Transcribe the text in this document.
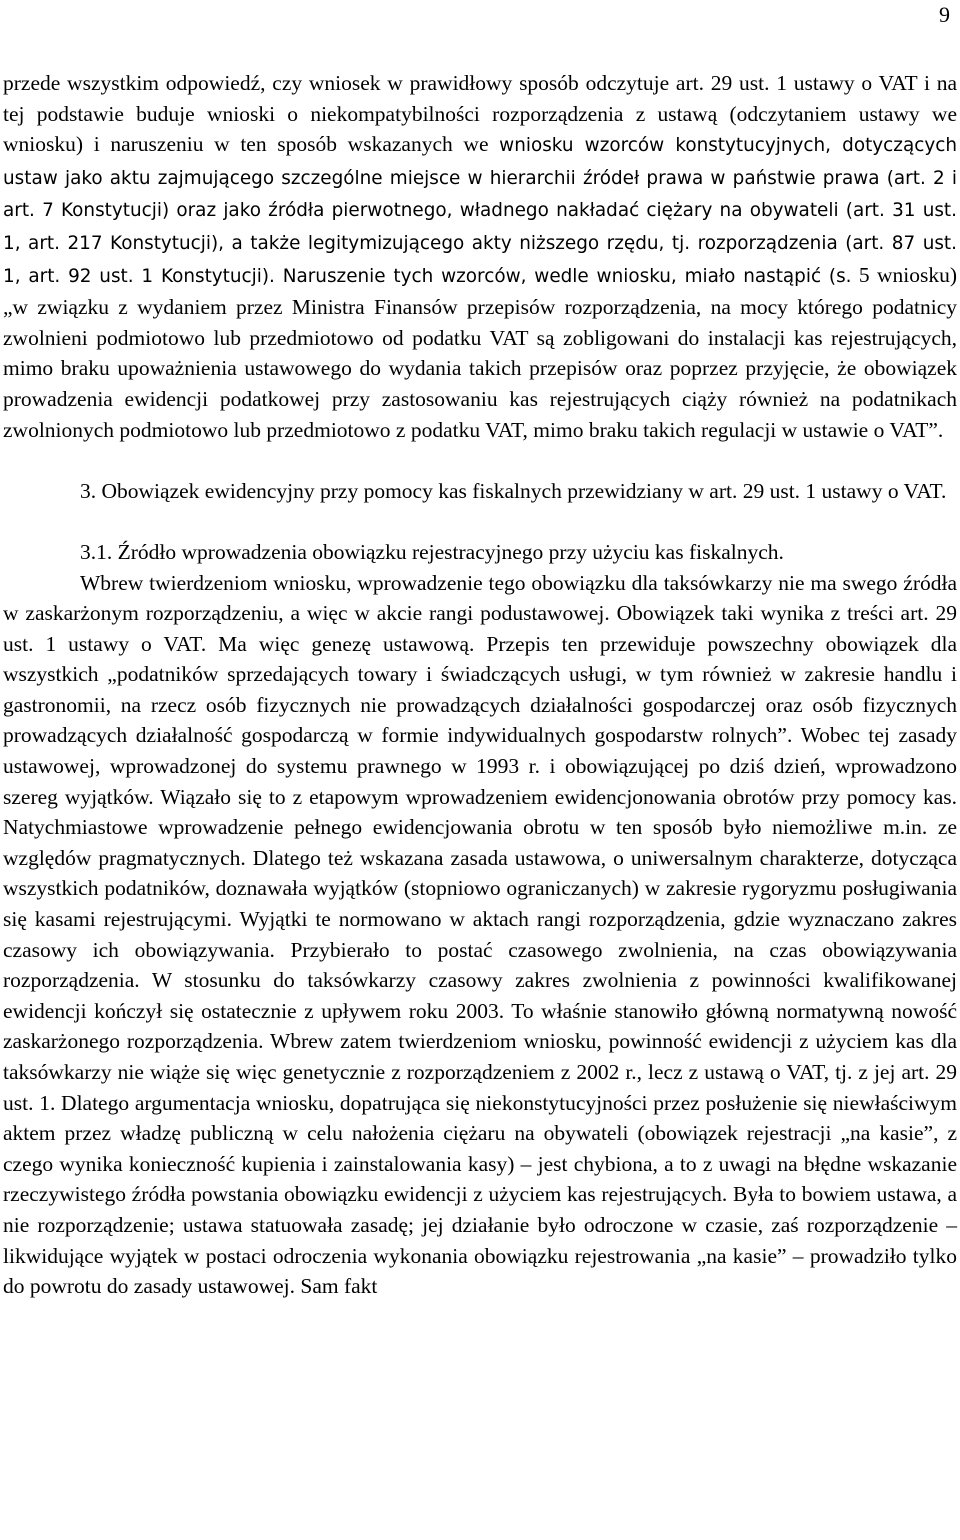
9

przede wszystkim odpowiedź, czy wniosek w prawidłowy sposób odczytuje art. 29 ust. 1 ustawy o VAT i na tej podstawie buduje wnioski o niekompatybilności rozporządzenia z ustawą (odczytaniem ustawy we wniosku) i naruszeniu w ten sposób wskazanych we wniosku wzorców konstytucyjnych, dotyczących ustaw jako aktu zajmującego szczególne miejsce w hierarchii źródeł prawa w państwie prawa (art. 2 i art. 7 Konstytucji) oraz jako źródła pierwotnego, władnego nakładać ciężary na obywateli (art. 31 ust. 1, art. 217 Konstytucji), a także legitymizującego akty niższego rzędu, tj. rozporządzenia (art. 87 ust. 1, art. 92 ust. 1 Konstytucji). Naruszenie tych wzorców, wedle wniosku, miało nastąpić (s. 5 wniosku) „w związku z wydaniem przez Ministra Finansów przepisów rozporządzenia, na mocy którego podatnicy zwolnieni podmiotowo lub przedmiotowo od podatku VAT są zobligowani do instalacji kas rejestrujących, mimo braku upoważnienia ustawowego do wydania takich przepisów oraz poprzez przyjęcie, że obowiązek prowadzenia ewidencji podatkowej przy zastosowaniu kas rejestrujących ciąży również na podatnikach zwolnionych podmiotowo lub przedmiotowo z podatku VAT, mimo braku takich regulacji w ustawie o VAT”.

3. Obowiązek ewidencyjny przy pomocy kas fiskalnych przewidziany w art. 29 ust. 1 ustawy o VAT.

3.1. Źródło wprowadzenia obowiązku rejestracyjnego przy użyciu kas fiskalnych.

Wbrew twierdzeniom wniosku, wprowadzenie tego obowiązku dla taksówkarzy nie ma swego źródła w zaskarżonym rozporządzeniu, a więc w akcie rangi podustawowej. Obowiązek taki wynika z treści art. 29 ust. 1 ustawy o VAT. Ma więc genezę ustawową. Przepis ten przewiduje powszechny obowiązek dla wszystkich „podatników sprzedających towary i świadczących usługi, w tym również w zakresie handlu i gastronomii, na rzecz osób fizycznych nie prowadzących działalności gospodarczej oraz osób fizycznych prowadzących działalność gospodarczą w formie indywidualnych gospodarstw rolnych”. Wobec tej zasady ustawowej, wprowadzonej do systemu prawnego w 1993 r. i obowiązującej po dziś dzień, wprowadzono szereg wyjątków. Wiązało się to z etapowym wprowadzeniem ewidencjonowania obrotów przy pomocy kas. Natychmiastowe wprowadzenie pełnego ewidencjowania obrotu w ten sposób było niemożliwe m.in. ze względów pragmatycznych. Dlatego też wskazana zasada ustawowa, o uniwersalnym charakterze, dotycząca wszystkich podatników, doznawała wyjątków (stopniowo ograniczanych) w zakresie rygoryzmu posługiwania się kasami rejestrującymi. Wyjątki te normowano w aktach rangi rozporządzenia, gdzie wyznaczano zakres czasowy ich obowiązywania. Przybierało to postać czasowego zwolnienia, na czas obowiązywania rozporządzenia. W stosunku do taksówkarzy czasowy zakres zwolnienia z powinności kwalifikowanej ewidencji kończył się ostatecznie z upływem roku 2003. To właśnie stanowiło główną normatywną nowość zaskarżonego rozporządzenia. Wbrew zatem twierdzeniom wniosku, powinność ewidencji z użyciem kas dla taksówkarzy nie wiąże się więc genetycznie z rozporządzeniem z 2002 r., lecz z ustawą o VAT, tj. z jej art. 29 ust. 1. Dlatego argumentacja wniosku, dopatrująca się niekonstytucyjności przez posłużenie się niewłaściwym aktem przez władzę publiczną w celu nałożenia ciężaru na obywateli (obowiązek rejestracji „na kasie”, z czego wynika konieczność kupienia i zainstalowania kasy) – jest chybiona, a to z uwagi na błędne wskazanie rzeczywistego źródła powstania obowiązku ewidencji z użyciem kas rejestrujących. Była to bowiem ustawa, a nie rozporządzenie; ustawa statuowała zasadę; jej działanie było odroczone w czasie, zaś rozporządzenie – likwidujące wyjątek w postaci odroczenia wykonania obowiązku rejestrowania „na kasie” – prowadziło tylko do powrotu do zasady ustawowej. Sam fakt
